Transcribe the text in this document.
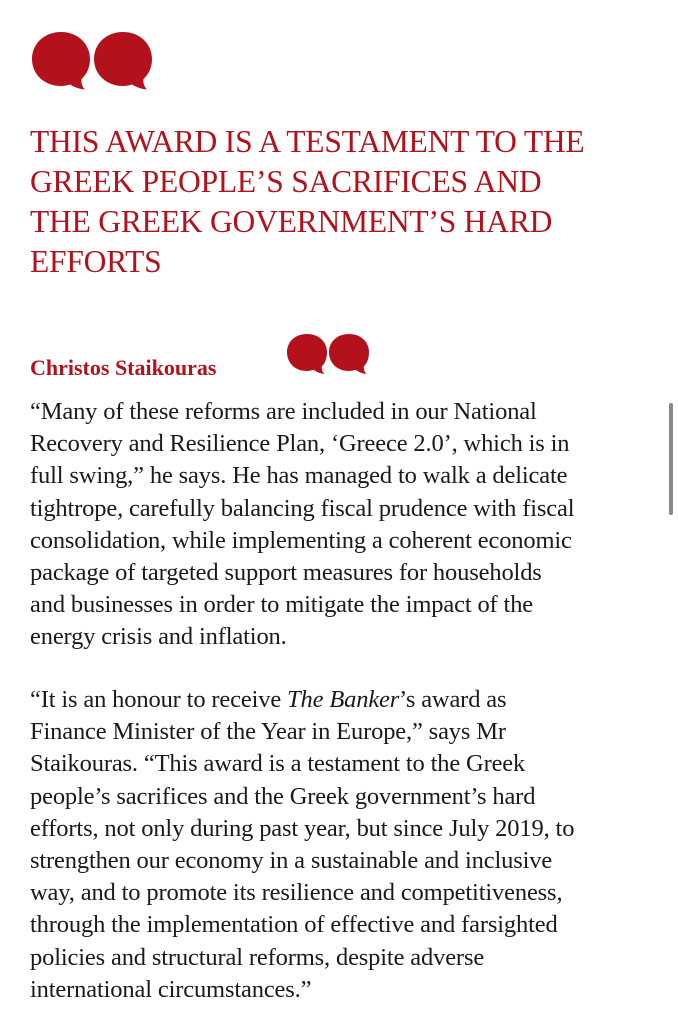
THIS AWARD IS A TESTAMENT TO THE
GREEK PEOPLE’S SACRIFICES AND
THE GREEK GOVERNMENT’S HARD
EFFORTS

Christos Staikouras

“Many of these reforms are included in our National
Recovery and Resilience Plan, ‘Greece 2.0’, which is in
full swing,” he says. He has managed to walk a delicate
tightrope, carefully balancing fiscal prudence with fiscal
consolidation, while implementing a coherent economic
package of targeted support measures for households
and businesses in order to mitigate the impact of the
energy crisis and inflation.

“It is an honour to receive The Banker’s award as
Finance Minister of the Year in Europe,” says Mr
Staikouras. “This award is a testament to the Greek
people’s sacrifices and the Greek government’s hard
efforts, not only during past year, but since July 2019, to
strengthen our economy in a sustainable and inclusive
way, and to promote its resilience and competitiveness,
through the implementation of effective and farsighted
policies and structural reforms, despite adverse
international circumstances.”
